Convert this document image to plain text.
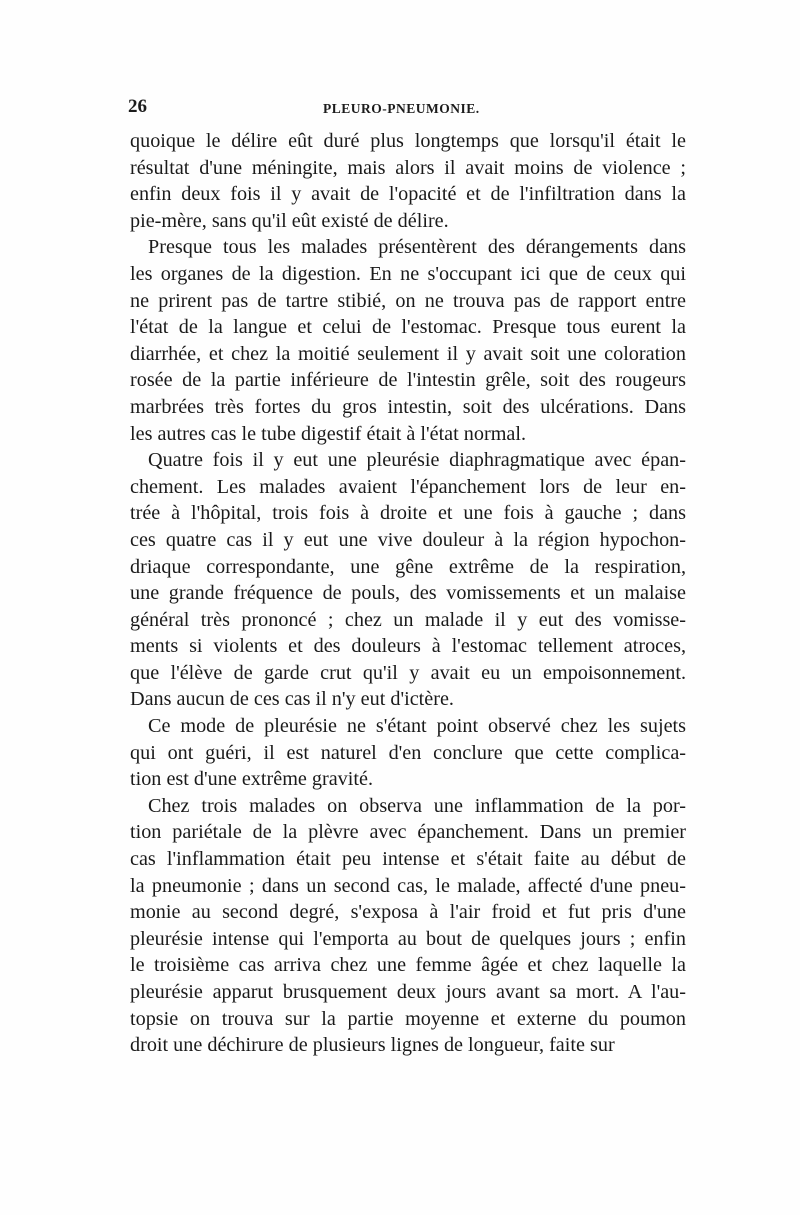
26	PLEURO-PNEUMONIE.
quoique le délire eût duré plus longtemps que lorsqu'il était le
résultat d'une méningite, mais alors il avait moins de violence ;
enfin deux fois il y avait de l'opacité et de l'infiltration dans la
pie-mère, sans qu'il eût existé de délire.
Presque tous les malades présentèrent des dérangements dans
les organes de la digestion. En ne s'occupant ici que de ceux qui
ne prirent pas de tartre stibié, on ne trouva pas de rapport entre
l'état de la langue et celui de l'estomac. Presque tous eurent la
diarrhée, et chez la moitié seulement il y avait soit une coloration
rosée de la partie inférieure de l'intestin grêle, soit des rougeurs
marbrées très fortes du gros intestin, soit des ulcérations. Dans
les autres cas le tube digestif était à l'état normal.
Quatre fois il y eut une pleurésie diaphragmatique avec épan-
chement. Les malades avaient l'épanchement lors de leur en-
trée à l'hôpital, trois fois à droite et une fois à gauche ; dans
ces quatre cas il y eut une vive douleur à la région hypochon-
driaque correspondante, une gêne extrême de la respiration,
une grande fréquence de pouls, des vomissements et un malaise
général très prononcé ; chez un malade il y eut des vomisse-
ments si violents et des douleurs à l'estomac tellement atroces,
que l'élève de garde crut qu'il y avait eu un empoisonnement.
Dans aucun de ces cas il n'y eut d'ictère.
Ce mode de pleurésie ne s'étant point observé chez les sujets
qui ont guéri, il est naturel d'en conclure que cette complica-
tion est d'une extrême gravité.
Chez trois malades on observa une inflammation de la por-
tion pariétale de la plèvre avec épanchement. Dans un premier
cas l'inflammation était peu intense et s'était faite au début de
la pneumonie ; dans un second cas, le malade, affecté d'une pneu-
monie au second degré, s'exposa à l'air froid et fut pris d'une
pleurésie intense qui l'emporta au bout de quelques jours ; enfin
le troisième cas arriva chez une femme âgée et chez laquelle la
pleurésie apparut brusquement deux jours avant sa mort. A l'au-
topsie on trouva sur la partie moyenne et externe du poumon
droit une déchirure de plusieurs lignes de longueur, faite sur
